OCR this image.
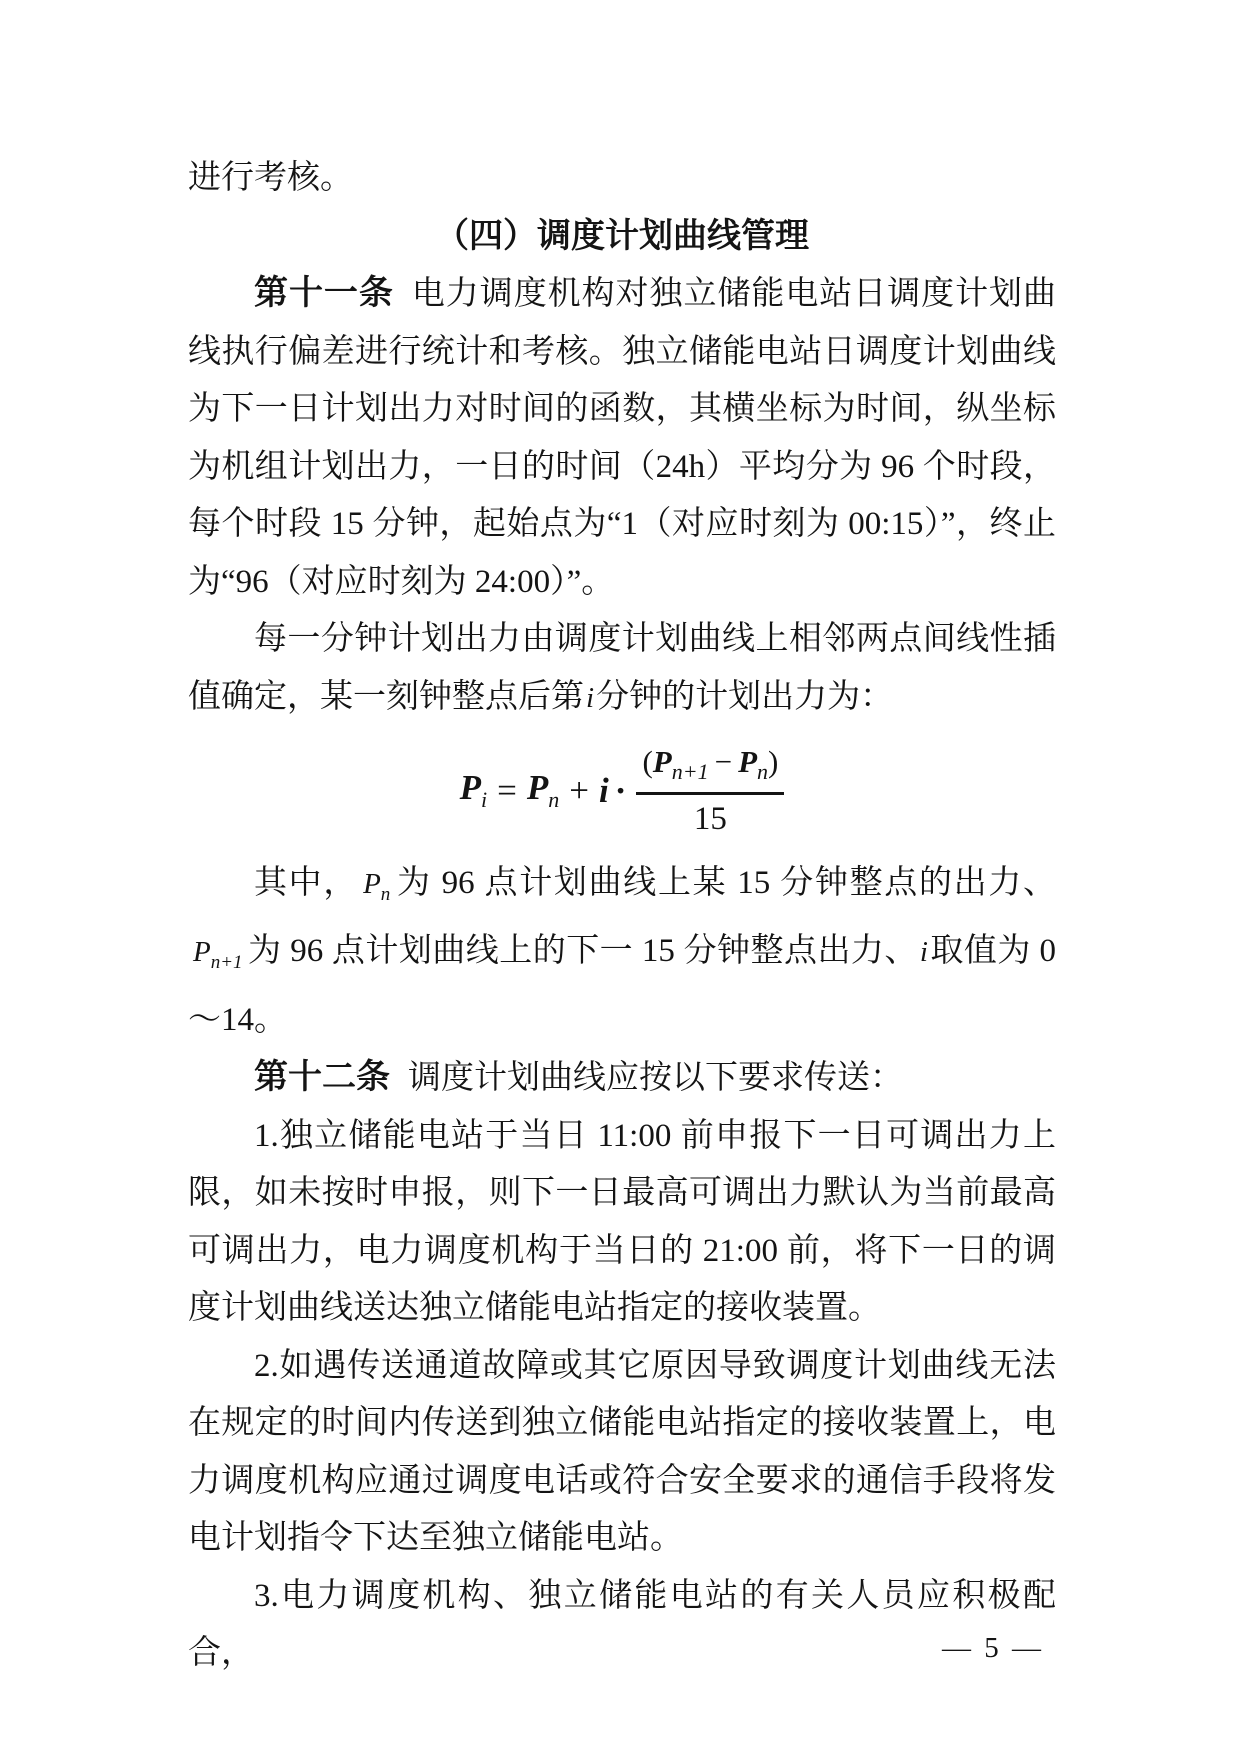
进行考核。

（四）调度计划曲线管理

第十一条 电力调度机构对独立储能电站日调度计划曲线执行偏差进行统计和考核。独立储能电站日调度计划曲线为下一日计划出力对时间的函数，其横坐标为时间，纵坐标为机组计划出力，一日的时间（24h）平均分为 96 个时段，每个时段 15 分钟，起始点为“1（对应时刻为 00:15）”，终止为“96（对应时刻为 24:00）”。

每一分钟计划出力由调度计划曲线上相邻两点间线性插值确定，某一刻钟整点后第i分钟的计划出力为：

$P_i = P_n + i \cdot \frac{(P_{n+1} - P_n)}{15}$

其中， $P_n$ 为 96 点计划曲线上某 15 分钟整点的出力、$P_{n+1}$ 为 96 点计划曲线上的下一 15 分钟整点出力、i取值为 0～14。

第十二条 调度计划曲线应按以下要求传送：

1.独立储能电站于当日 11:00 前申报下一日可调出力上限，如未按时申报，则下一日最高可调出力默认为当前最高可调出力，电力调度机构于当日的 21:00 前，将下一日的调度计划曲线送达独立储能电站指定的接收装置。

2.如遇传送通道故障或其它原因导致调度计划曲线无法在规定的时间内传送到独立储能电站指定的接收装置上，电力调度机构应通过调度电话或符合安全要求的通信手段将发电计划指令下达至独立储能电站。

3.电力调度机构、独立储能电站的有关人员应积极配合，	— 5 —
